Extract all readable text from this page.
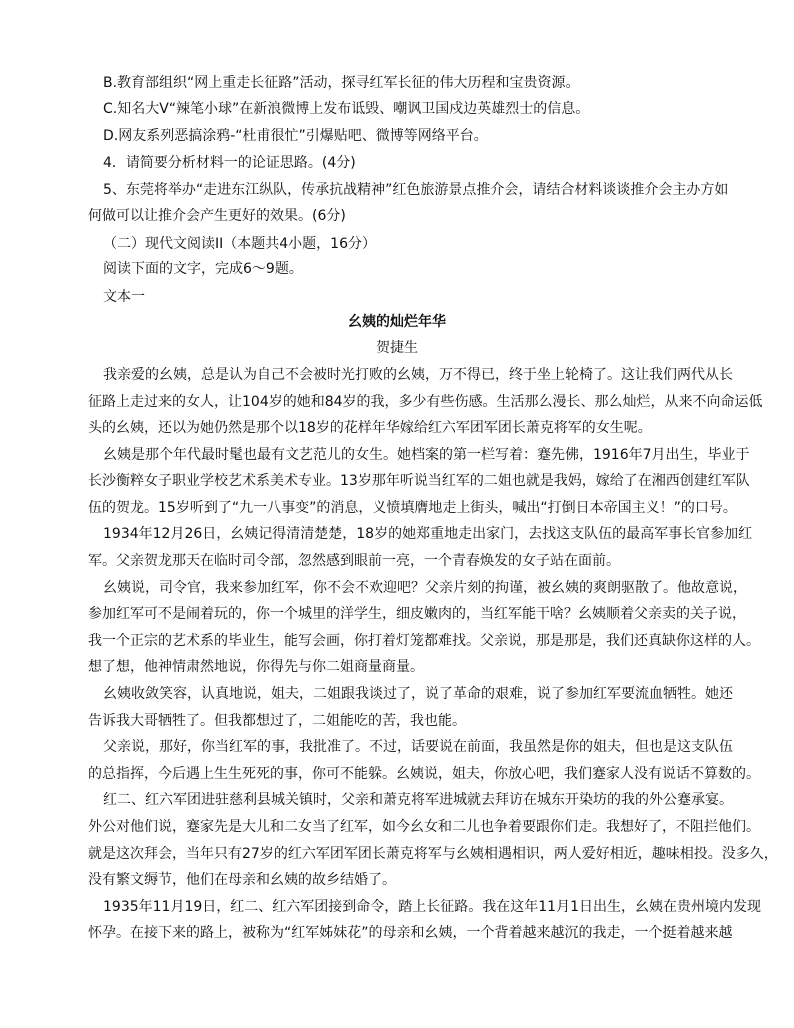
B.教育部组织“网上重走长征路”活动，探寻红军长征的伟大历程和宝贵资源。
C.知名大V“辣笔小球”在新浪微博上发布诋毁、嘲讽卫国戍边英雄烈士的信息。
D.网友系列恶搞涂鸦-“杜甫很忙”引爆贴吧、微博等网络平台。
4．请简要分析材料一的论证思路。(4分)
5、东莞将举办“走进东江纵队，传承抗战精神”红色旅游景点推介会，请结合材料谈谈推介会主办方如
何做可以让推介会产生更好的效果。(6分)
（二）现代文阅读II（本题共4小题，16分）
阅读下面的文字，完成6～9题。
文本一
幺姨的灿烂年华
贺捷生
我亲爱的幺姨，总是认为自己不会被时光打败的幺姨，万不得已，终于坐上轮椅了。这让我们两代从长
征路上走过来的女人，让104岁的她和84岁的我，多少有些伤感。生活那么漫长、那么灿烂，从来不向命运低
头的幺姨，还以为她仍然是那个以18岁的花样年华嫁给红六军团军团长萧克将军的女生呢。
幺姨是那个年代最时髦也最有文艺范儿的女生。她档案的第一栏写着：蹇先佛，1916年7月出生，毕业于
长沙衡粹女子职业学校艺术系美术专业。13岁那年听说当红军的二姐也就是我妈，嫁给了在湘西创建红军队
伍的贺龙。15岁听到了“九一八事变”的消息，义愤填膺地走上街头，喊出“打倒日本帝国主义！”的口号。
1934年12月26日，幺姨记得清清楚楚，18岁的她郑重地走出家门，去找这支队伍的最高军事长官参加红
军。父亲贺龙那天在临时司令部，忽然感到眼前一亮，一个青春焕发的女子站在面前。
幺姨说，司令官，我来参加红军，你不会不欢迎吧？父亲片刻的拘谨，被幺姨的爽朗驱散了。他故意说，
参加红军可不是闹着玩的，你一个城里的洋学生，细皮嫩肉的，当红军能干啥？幺姨顺着父亲卖的关子说，
我一个正宗的艺术系的毕业生，能写会画，你打着灯笼都难找。父亲说，那是那是，我们还真缺你这样的人。
想了想，他神情肃然地说，你得先与你二姐商量商量。
幺姨收敛笑容，认真地说，姐夫，二姐跟我谈过了，说了革命的艰难，说了参加红军要流血牺牲。她还
告诉我大哥牺牲了。但我都想过了，二姐能吃的苦，我也能。
父亲说，那好，你当红军的事，我批准了。不过，话要说在前面，我虽然是你的姐夫，但也是这支队伍
的总指挥，今后遇上生生死死的事，你可不能躲。幺姨说，姐夫，你放心吧，我们蹇家人没有说话不算数的。
红二、红六军团进驻慈利县城关镇时，父亲和萧克将军进城就去拜访在城东开染坊的我的外公蹇承宴。
外公对他们说，蹇家先是大儿和二女当了红军，如今幺女和二儿也争着要跟你们走。我想好了，不阻拦他们。
就是这次拜会，当年只有27岁的红六军团军团长萧克将军与幺姨相遇相识，两人爱好相近，趣味相投。没多久，
没有繁文缛节，他们在母亲和幺姨的故乡结婚了。
1935年11月19日，红二、红六军团接到命令，踏上长征路。我在这年11月1日出生，幺姨在贵州境内发现
怀孕。在接下来的路上，被称为“红军姊妹花”的母亲和幺姨，一个背着越来越沉的我走，一个挺着越来越
